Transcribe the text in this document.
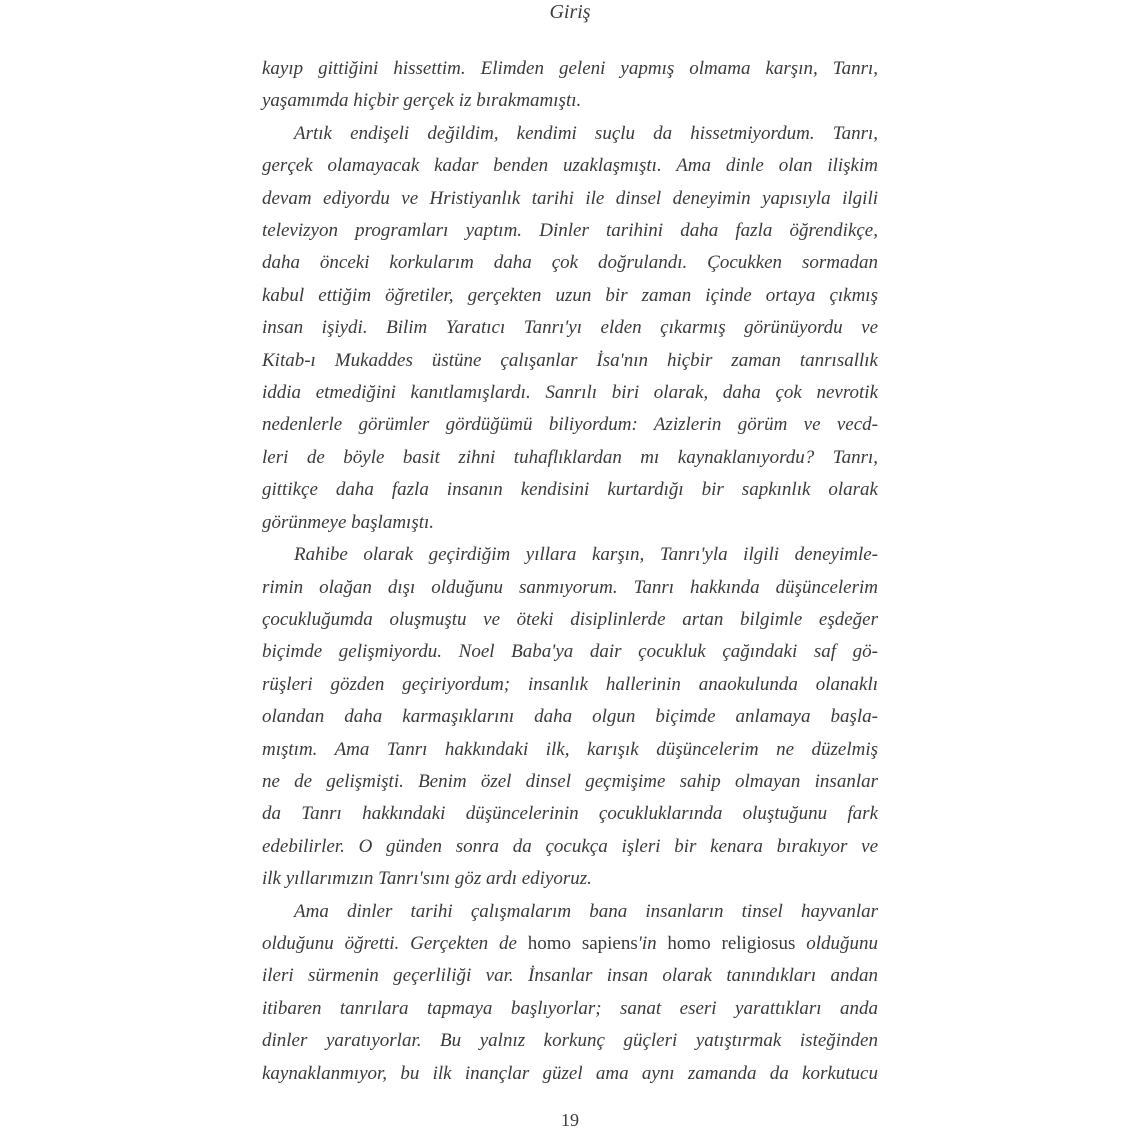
Giriş
kayıp gittiğini hissettim. Elimden geleni yapmış olmama karşın, Tanrı,
yaşamımda hiçbir gerçek iz bırakmamıştı.
Artık endişeli değildim, kendimi suçlu da hissetmiyordum. Tanrı,
gerçek olamayacak kadar benden uzaklaşmıştı. Ama dinle olan ilişkim
devam ediyordu ve Hristiyanlık tarihi ile dinsel deneyimin yapısıyla ilgili
televizyon programları yaptım. Dinler tarihini daha fazla öğrendikçe,
daha önceki korkularım daha çok doğrulandı. Çocukken sormadan
kabul ettiğim öğretiler, gerçekten uzun bir zaman içinde ortaya çıkmış
insan işiydi. Bilim Yaratıcı Tanrı'yı elden çıkarmış görünüyordu ve
Kitab-ı Mukaddes üstüne çalışanlar İsa'nın hiçbir zaman tanrısallık
iddia etmediğini kanıtlamışlardı. Sanrılı biri olarak, daha çok nevrotik
nedenlerle görümler gördüğümü biliyordum: Azizlerin görüm ve vecd-
leri de böyle basit zihni tuhaflıklardan mı kaynaklanıyordu? Tanrı,
gittikçe daha fazla insanın kendisini kurtardığı bir sapkınlık olarak
görünmeye başlamıştı.
Rahibe olarak geçirdiğim yıllara karşın, Tanrı'yla ilgili deneyimle-
rimin olağan dışı olduğunu sanmıyorum. Tanrı hakkında düşüncelerim
çocukluğumda oluşmuştu ve öteki disiplinlerde artan bilgimle eşdeğer
biçimde gelişmiyordu. Noel Baba'ya dair çocukluk çağındaki saf gö-
rüşleri gözden geçiriyordum; insanlık hallerinin anaokulunda olanaklı
olandan daha karmaşıklarını daha olgun biçimde anlamaya başla-
mıştım. Ama Tanrı hakkındaki ilk, karışık düşüncelerim ne düzelmiş
ne de gelişmişti. Benim özel dinsel geçmişime sahip olmayan insanlar
da Tanrı hakkındaki düşüncelerinin çocukluklarında oluştuğunu fark
edebilirler. O günden sonra da çocukça işleri bir kenara bırakıyor ve
ilk yıllarımızın Tanrı'sını göz ardı ediyoruz.
Ama dinler tarihi çalışmalarım bana insanların tinsel hayvanlar
olduğunu öğretti. Gerçekten de homo sapiens'in homo religiosus olduğunu
ileri sürmenin geçerliliği var. İnsanlar insan olarak tanındıkları andan
itibaren tanrılara tapmaya başlıyorlar; sanat eseri yarattıkları anda
dinler yaratıyorlar. Bu yalnız korkunç güçleri yatıştırmak isteğinden
kaynaklanmıyor, bu ilk inançlar güzel ama aynı zamanda da korkutucu
19
